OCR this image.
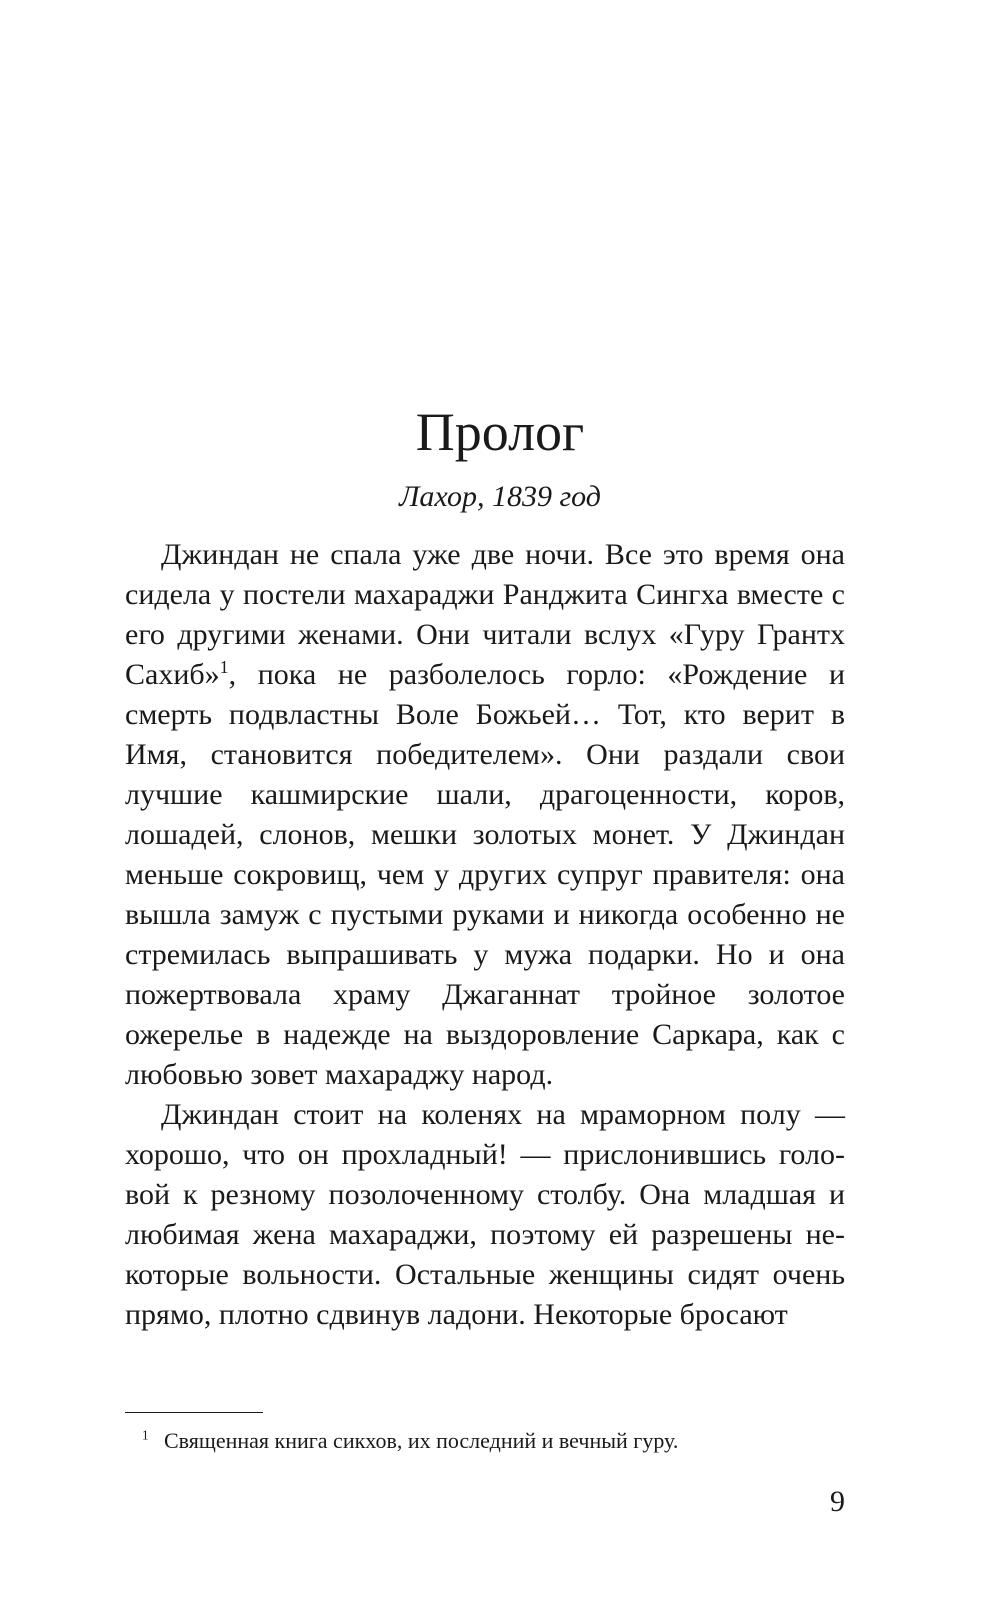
Пролог
Лахор, 1839 год

Джиндан не спала уже две ночи. Все это время она сидела у постели махараджи Ранджита Сингха вместе с его другими женами. Они читали вслух «Гуру Грантх Сахиб»$^1$, пока не разболелось горло: «Рождение и смерть подвластны Воле Божьей… Тот, кто верит в Имя, становится победителем». Они раздали свои лучшие кашмирские шали, драгоценности, коров, лошадей, слонов, мешки золотых монет. У Джиндан меньше сокровищ, чем у других супруг правителя: она вышла замуж с пустыми руками и никогда особенно не стремилась выпрашивать у мужа подарки. Но и она пожертвовала храму Джаганнат тройное золотое ожерелье в надежде на выздоровление Саркара, как с любовью зовет махараджу народ.

Джиндан стоит на коленях на мраморном полу — хорошо, что он прохладный! — прислонившись головой к резному позолоченному столбу. Она младшая и любимая жена махараджи, поэтому ей разрешены некоторые вольности. Остальные женщины сидят очень прямо, плотно сдвинув ладони. Некоторые бросают

$^1$ Священная книга сикхов, их последний и вечный гуру.

9
